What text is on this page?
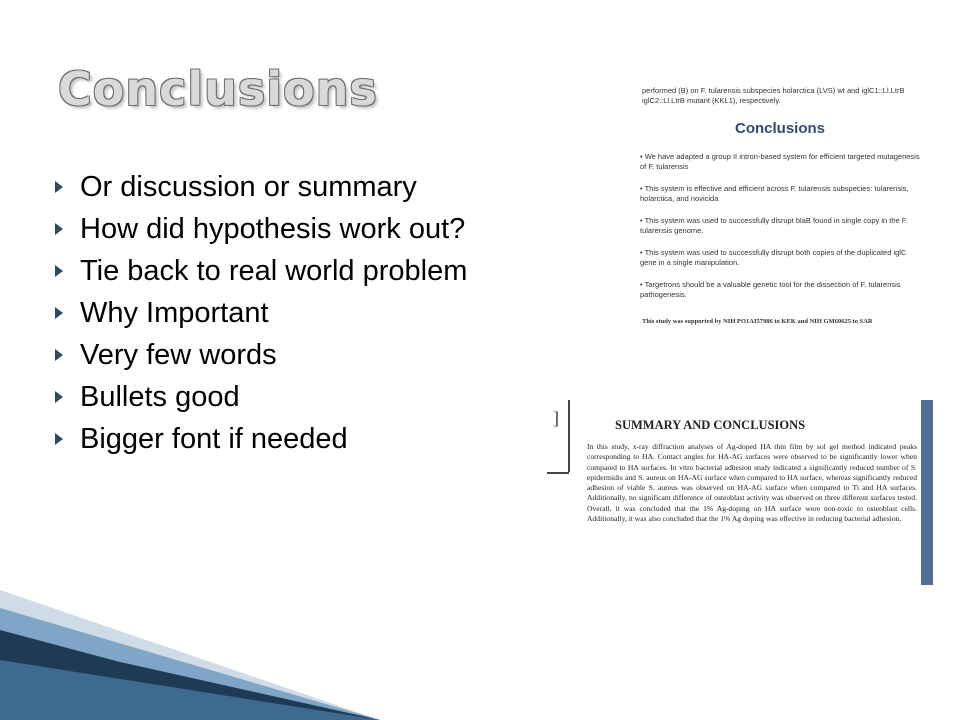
Conclusions
Or discussion or summary
How did hypothesis work out?
Tie back to real world problem
Why Important
Very few words
Bullets good
Bigger font if needed
performed (B) on F. tularensis subspecies holarctica (LVS) wt and iglC1::Ll.LtrB iglC2::Ll.LtrB mutant (KKL1), respectively.
Conclusions
• We have adapted a group II intron-based system for efficient targeted mutagenesis of F. tularensis
• This system is effective and efficient across F. tularensis subspecies: tularensis, holarctica, and novicida
• This system was used to successfully disrupt blaB found in single copy in the F. tularensis genome.
• This system was used to successfully disrupt both copies of the duplicated iglC gene in a single manipulation.
• Targetrons should be a valuable genetic tool for the dissection of F. tularensis pathogenesis.
This study was supported by NIH PO1AI57986 to KEK and NIH GM60625 to SAR
]	SUMMARY AND CONCLUSIONS
In this study, x-ray diffraction analyses of Ag-doped HA thin film by sol gel method indicated peaks corresponding to HA. Contact angles for HA-AG surfaces were observed to be significantly lower when compared to HA surfaces. In vitro bacterial adhesion study indicated a significantly reduced number of S. epidermidis and S. aureus on HA-AG surface when compared to HA surface, whereas significantly reduced adhesion of viable S. aureus was observed on HA-AG surface when compared to Ti and HA surfaces. Additionally, no significant difference of osteoblast activity was observed on three different surfaces tested. Overall, it was concluded that the 1% Ag-doping on HA surface were non-toxic to osteoblast cells. Additionally, it was also concluded that the 1% Ag doping was effective in reducing bacterial adhesion.
